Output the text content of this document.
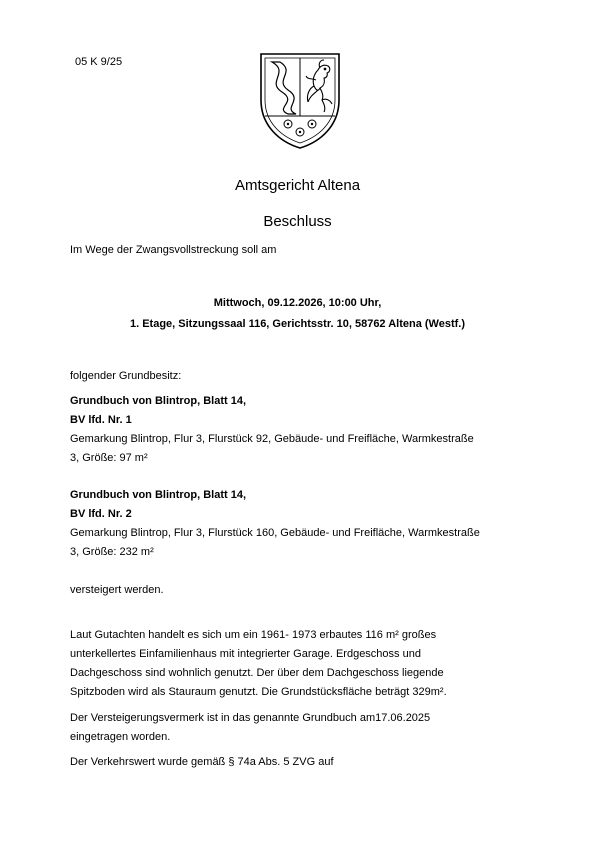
05 K 9/25
Amtsgericht Altena
Beschluss
Im Wege der Zwangsvollstreckung soll am
Mittwoch, 09.12.2026, 10:00 Uhr,
1. Etage, Sitzungssaal 116, Gerichtsstr. 10, 58762 Altena (Westf.)
folgender Grundbesitz:
Grundbuch von Blintrop, Blatt 14,
BV lfd. Nr. 1
Gemarkung Blintrop, Flur 3, Flurstück 92, Gebäude- und Freifläche, Warmkestraße
3, Größe: 97 m²
Grundbuch von Blintrop, Blatt 14,
BV lfd. Nr. 2
Gemarkung Blintrop, Flur 3, Flurstück 160, Gebäude- und Freifläche, Warmkestraße
3, Größe: 232 m²
versteigert werden.
Laut Gutachten handelt es sich um ein 1961- 1973 erbautes 116 m² großes
unterkellertes Einfamilienhaus mit integrierter Garage. Erdgeschoss und
Dachgeschoss sind wohnlich genutzt. Der über dem Dachgeschoss liegende
Spitzboden wird als Stauraum genutzt. Die Grundstücksfläche beträgt 329m².
Der Versteigerungsvermerk ist in das genannte Grundbuch am17.06.2025
eingetragen worden.
Der Verkehrswert wurde gemäß § 74a Abs. 5 ZVG auf
